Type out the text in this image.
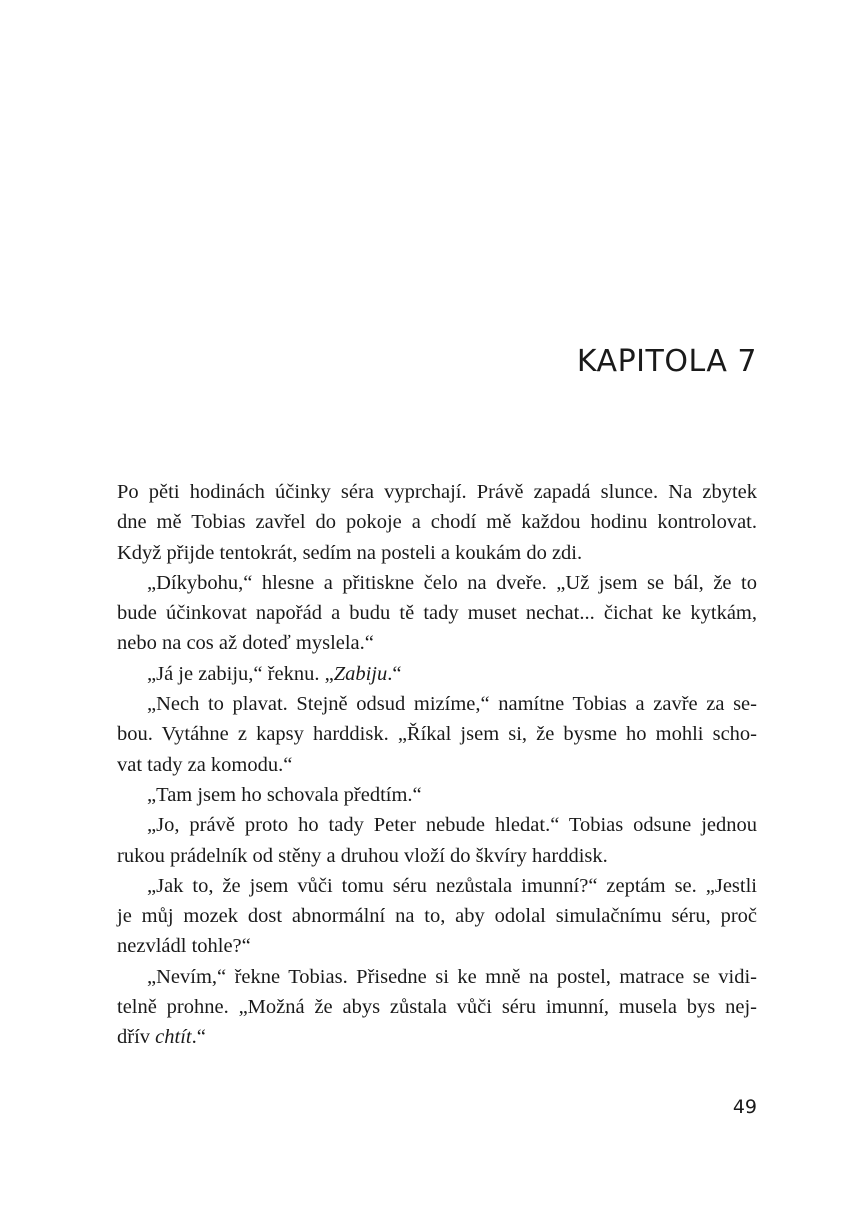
KAPITOLA 7
Po pěti hodinách účinky séra vyprchají. Právě zapadá slunce. Na zbytek
dne mě Tobias zavřel do pokoje a chodí mě každou hodinu kontrolovat.
Když přijde tentokrát, sedím na posteli a koukám do zdi.
„Díkybohu,“ hlesne a přitiskne čelo na dveře. „Už jsem se bál, že to
bude účinkovat napořád a budu tě tady muset nechat... čichat ke kytkám,
nebo na cos až doteď myslela.“
„Já je zabiju,“ řeknu. „Zabiju.“
„Nech to plavat. Stejně odsud mizíme,“ namítne Tobias a zavře za se-
bou. Vytáhne z kapsy harddisk. „Říkal jsem si, že bysme ho mohli scho-
vat tady za komodu.“
„Tam jsem ho schovala předtím.“
„Jo, právě proto ho tady Peter nebude hledat.“ Tobias odsune jednou
rukou prádelník od stěny a druhou vloží do škvíry harddisk.
„Jak to, že jsem vůči tomu séru nezůstala imunní?“ zeptám se. „Jestli
je můj mozek dost abnormální na to, aby odolal simulačnímu séru, proč
nezvládl tohle?“
„Nevím,“ řekne Tobias. Přisedne si ke mně na postel, matrace se vidi-
telně prohne. „Možná že abys zůstala vůči séru imunní, musela bys nej-
dřív chtít.“

49
